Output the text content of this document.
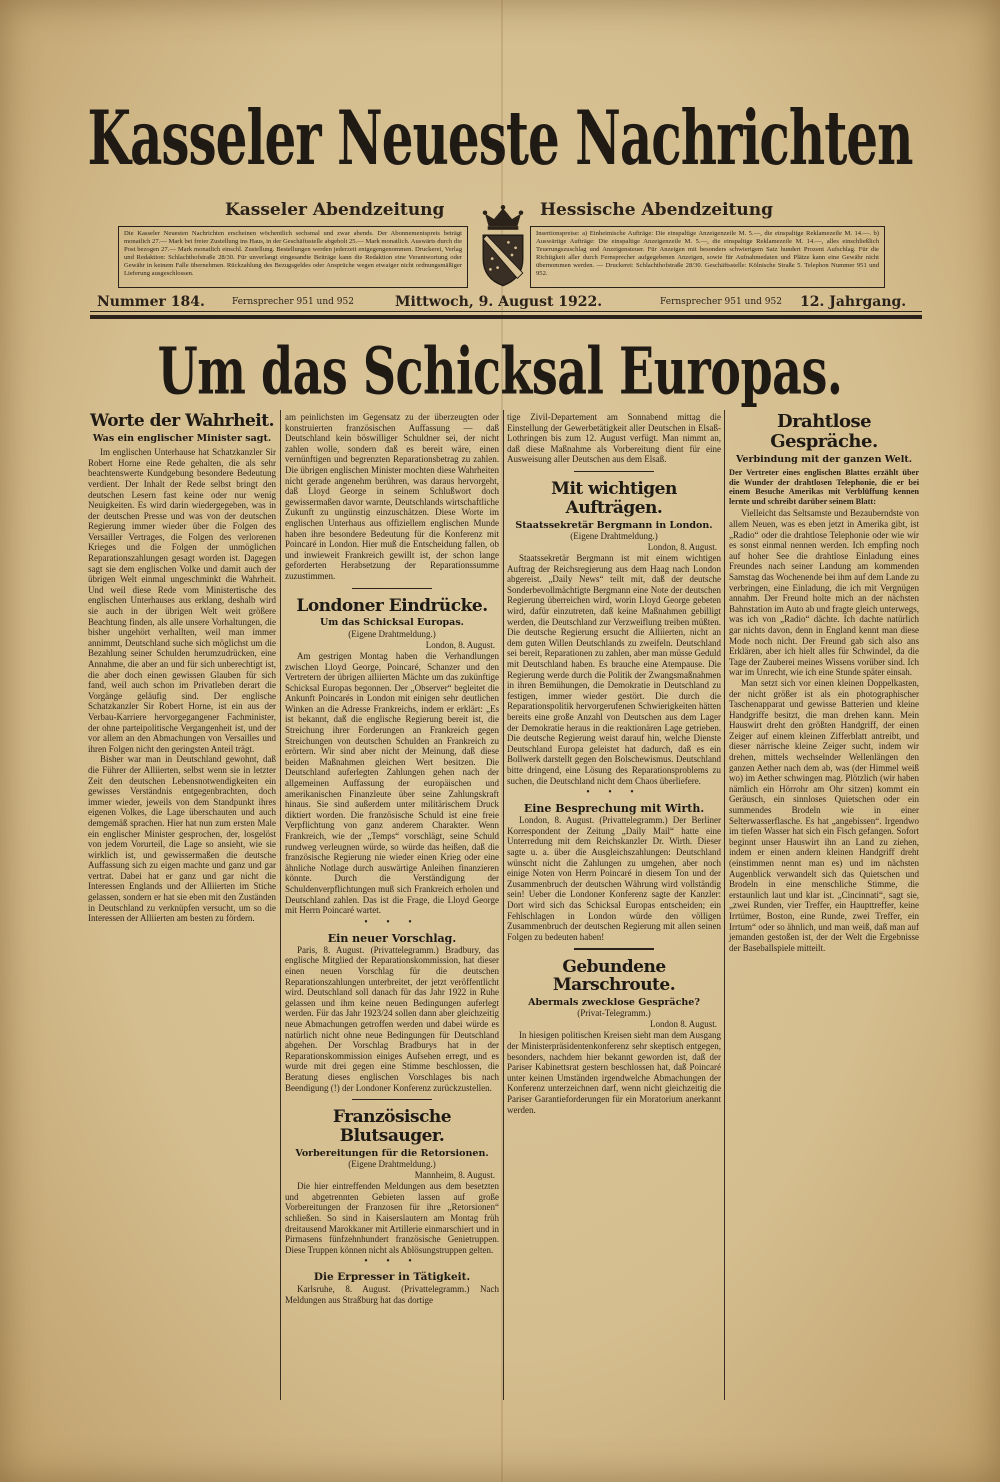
Kasseler Neueste Nachrichten
Kasseler Abendzeitung	Hessische Abendzeitung
Die Kasseler Neuesten Nachrichten erscheinen wöchentlich sechsmal und zwar abends. Der Abonnementspreis beträgt monatlich 27.— Mark bei freier Zustellung ins Haus, in der Geschäftsstelle abgeholt 25.— Mark monatlich. Auswärts durch die Post bezogen 27.— Mark monatlich einschl. Zustellung. Bestellungen werden jederzeit entgegengenommen. Druckerei, Verlag und Redaktion: Schlachthofstraße 28/30. Für unverlangt eingesandte Beiträge kann die Redaktion eine Verantwortung oder Gewähr in keinem Falle übernehmen. Rückzahlung des Bezugsgeldes oder Ansprüche wegen etwaiger nicht ordnungsmäßiger Lieferung ausgeschlossen.
Insertionspreise: a) Einheimische Aufträge: Die einspaltige Anzeigenzeile M. 5.—, die einspaltige Reklamezeile M. 14.—. b) Auswärtige Aufträge: Die einspaltige Anzeigenzeile M. 5.—, die einspaltige Reklamezeile M. 14.—, alles einschließlich Teuerungszuschlag und Anzeigensteuer. Für Anzeigen mit besonders schwierigem Satz hundert Prozent Aufschlag. Für die Richtigkeit aller durch Fernsprecher aufgegebenen Anzeigen, sowie für Aufnahmedaten und Plätze kann eine Gewähr nicht übernommen werden. — Druckerei: Schlachthofstraße 28/30. Geschäftsstelle: Kölnische Straße 5. Telephon Nummer 951 und 952.
Nummer 184.	Fernsprecher 951 und 952	Mittwoch, 9. August 1922.	Fernsprecher 951 und 952 12. Jahrgang.
Um das Schicksal Europas.
Worte der Wahrheit.
Was ein englischer Minister sagt.

Im englischen Unterhause hat Schatzkanzler Sir Robert Horne eine Rede gehalten, die als sehr beachtenswerte Kundgebung besondere Bedeutung verdient. Der Inhalt der Rede selbst bringt den deutschen Lesern fast keine oder nur wenig Neuigkeiten. Es wird darin wiedergegeben, was in der deutschen Presse und was von der deutschen Regierung immer wieder über die Folgen des Versailler Vertrages, die Folgen des verlorenen Krieges und die Folgen der unmöglichen Reparationszahlungen gesagt worden ist. Dagegen sagt sie dem englischen Volke und damit auch der übrigen Welt einmal ungeschminkt die Wahrheit. Und weil diese Rede vom Ministertische des englischen Unterhauses aus erklang, deshalb wird sie auch in der übrigen Welt weit größere Beachtung finden, als alle unsere Vorhaltungen, die bisher ungehört verhallten, weil man immer annimmt, Deutschland suche sich möglichst um die Bezahlung seiner Schulden herumzudrücken, eine Annahme, die aber an und für sich unberechtigt ist, die aber doch einen gewissen Glauben für sich fand, weil auch schon im Privatleben derart die Vorgänge geläufig sind. Der englische Schatzkanzler Sir Robert Horne, ist ein aus der Verbau-Karriere hervorgegangener Fachminister, der ohne parteipolitische Vergangenheit ist, und der vor allem an den Abmachungen von Versailles und ihren Folgen nicht den geringsten Anteil trägt.

Bisher war man in Deutschland gewohnt, daß die Führer der Alliierten, selbst wenn sie in letzter Zeit den deutschen Lebensnotwendigkeiten ein gewisses Verständnis entgegenbrachten, doch immer wieder, jeweils von dem Standpunkt ihres eigenen Volkes, die Lage überschauten und auch demgemäß sprachen. Hier hat nun zum ersten Male ein englischer Minister gesprochen, der, losgelöst von jedem Vorurteil, die Lage so ansieht, wie sie wirklich ist, und gewissermaßen die deutsche Auffassung sich zu eigen machte und ganz und gar vertrat. Dabei hat er ganz und gar nicht die Interessen Englands und der Alliierten im Stiche gelassen, sondern er hat sie eben mit den Zuständen in Deutschland zu verknüpfen versucht, um so die Interessen der Alliierten am besten zu fördern.

am peinlichsten im Gegensatz zu der überzeugten oder konstruierten französischen Auffassung — daß Deutschland kein böswilliger Schuldner sei, der nicht zahlen wolle, sondern daß es bereit wäre, einen vernünftigen und begrenzten Reparationsbetrag zu zahlen. Die übrigen englischen Minister mochten diese Wahrheiten nicht gerade angenehm berühren, was daraus hervorgeht, daß Lloyd George in seinem Schlußwort doch gewissermaßen davor warnte, Deutschlands wirtschaftliche Zukunft zu ungünstig einzuschätzen. Diese Worte im englischen Unterhaus aus offiziellem englischen Munde haben ihre besondere Bedeutung für die Konferenz mit Poincaré in London. Hier muß die Entscheidung fallen, ob und inwieweit Frankreich gewillt ist, der schon lange geforderten Herabsetzung der Reparationssumme zuzustimmen.

Londoner Eindrücke.
Um das Schicksal Europas.
(Eigene Drahtmeldung.)
London, 8. August.

Am gestrigen Montag haben die Verhandlungen zwischen Lloyd George, Poincaré, Schanzer und den Vertretern der übrigen alliierten Mächte um das zukünftige Schicksal Europas begonnen. Der „Observer“ begleitet die Ankunft Poincarés in London mit einigen sehr deutlichen Winken an die Adresse Frankreichs, indem er erklärt: „Es ist bekannt, daß die englische Regierung bereit ist, die Streichung ihrer Forderungen an Frankreich gegen Streichungen von deutschen Schulden an Frankreich zu erörtern. Wir sind aber nicht der Meinung, daß diese beiden Maßnahmen gleichen Wert besitzen. Die Deutschland auferlegten Zahlungen gehen nach der allgemeinen Auffassung der europäischen und amerikanischen Finanzleute über seine Zahlungskraft hinaus. Sie sind außerdem unter militärischem Druck diktiert worden. Die französische Schuld ist eine freie Verpflichtung von ganz anderem Charakter. Wenn Frankreich, wie der „Temps“ vorschlägt, seine Schuld rundweg verleugnen würde, so würde das heißen, daß die französische Regierung nie wieder einen Krieg oder eine ähnliche Notlage durch auswärtige Anleihen finanzieren könnte. Durch die Verständigung der Schuldenverpflichtungen muß sich Frankreich erholen und Deutschland zahlen. Das ist die Frage, die Lloyd George mit Herrn Poincaré wartet.

• • •
Ein neuer Vorschlag.

Paris, 8. August. (Privattelegramm.) Bradbury, das englische Mitglied der Reparationskommission, hat dieser einen neuen Vorschlag für die deutschen Reparationszahlungen unterbreitet, der jetzt veröffentlicht wird. Deutschland soll danach für das Jahr 1922 in Ruhe gelassen und ihm keine neuen Bedingungen auferlegt werden. Für das Jahr 1923/24 sollen dann aber gleichzeitig neue Abmachungen getroffen werden und dabei würde es natürlich nicht ohne neue Bedingungen für Deutschland abgehen. Der Vorschlag Bradburys hat in der Reparationskommission einiges Aufsehen erregt, und es wurde mit drei gegen eine Stimme beschlossen, die Beratung dieses englischen Vorschlages bis nach Beendigung (!) der Londoner Konferenz zurückzustellen.

Französische Blutsauger.
Vorbereitungen für die Retorsionen.
(Eigene Drahtmeldung.)
Mannheim, 8. August.

Die hier eintreffenden Meldungen aus dem besetzten und abgetrennten Gebieten lassen auf große Vorbereitungen der Franzosen für ihre „Retorsionen“ schließen. So sind in Kaiserslautern am Montag früh dreitausend Marokkaner mit Artillerie einmarschiert und in Pirmasens fünfzehnhundert französische Genietruppen. Diese Truppen können nicht als Ablösungstruppen gelten.

• • •
Die Erpresser in Tätigkeit.

Karlsruhe, 8. August. (Privattelegramm.) Nach Meldungen aus Straßburg hat das dortige

tige Zivil-Departement am Sonnabend mittag die Einstellung der Gewerbetätigkeit aller Deutschen in Elsaß-Lothringen bis zum 12. August verfügt. Man nimmt an, daß diese Maßnahme als Vorbereitung dient für eine Ausweisung aller Deutschen aus dem Elsaß.

Mit wichtigen Aufträgen.
Staatssekretär Bergmann in London.
(Eigene Drahtmeldung.)
London, 8. August.

Staatssekretär Bergmann ist mit einem wichtigen Auftrag der Reichsregierung aus dem Haag nach London abgereist. „Daily News“ teilt mit, daß der deutsche Sonderbevollmächtigte Bergmann eine Note der deutschen Regierung überreichen wird, worin Lloyd George gebeten wird, dafür einzutreten, daß keine Maßnahmen gebilligt werden, die Deutschland zur Verzweiflung treiben müßten. Die deutsche Regierung ersucht die Alliierten, nicht an dem guten Willen Deutschlands zu zweifeln. Deutschland sei bereit, Reparationen zu zahlen, aber man müsse Geduld mit Deutschland haben. Es brauche eine Atempause. Die Regierung werde durch die Politik der Zwangsmaßnahmen in ihren Bemühungen, die Demokratie in Deutschland zu festigen, immer wieder gestört. Die durch die Reparationspolitik hervorgerufenen Schwierigkeiten hätten bereits eine große Anzahl von Deutschen aus dem Lager der Demokratie heraus in die reaktionären Lage getrieben. Die deutsche Regierung weist darauf hin, welche Dienste Deutschland Europa geleistet hat dadurch, daß es ein Bollwerk darstellt gegen den Bolschewismus. Deutschland bitte dringend, eine Lösung des Reparationsproblems zu suchen, die Deutschland nicht dem Chaos überliefere.

• • •
Eine Besprechung mit Wirth.

London, 8. August. (Privattelegramm.) Der Berliner Korrespondent der Zeitung „Daily Mail“ hatte eine Unterredung mit dem Reichskanzler Dr. Wirth. Dieser sagte u. a. über die Ausgleichszahlungen: Deutschland wünscht nicht die Zahlungen zu umgehen, aber noch einige Noten von Herrn Poincaré in diesem Ton und der Zusammenbruch der deutschen Währung wird vollständig sein! Ueber die Londoner Konferenz sagte der Kanzler: Dort wird sich das Schicksal Europas entscheiden; ein Fehlschlagen in London würde den völligen Zusammenbruch der deutschen Regierung mit allen seinen Folgen zu bedeuten haben!

Gebundene Marschroute.
Abermals zwecklose Gespräche?
(Privat-Telegramm.)
London 8. August.

In hiesigen politischen Kreisen sieht man dem Ausgang der Ministerpräsidentenkonferenz sehr skeptisch entgegen, besonders, nachdem hier bekannt geworden ist, daß der Pariser Kabinettsrat gestern beschlossen hat, daß Poincaré unter keinen Umständen irgendwelche Abmachungen der Konferenz unterzeichnen darf, wenn nicht gleichzeitig die Pariser Garantieforderungen für ein Moratorium anerkannt werden.

Drahtlose Gespräche.
Verbindung mit der ganzen Welt.
Der Vertreter eines englischen Blattes erzählt über die Wunder der drahtlosen Telephonie, die er bei einem Besuche Amerikas mit Verblüffung kennen lernte und schreibt darüber seinem Blatt:

Vielleicht das Seltsamste und Bezauberndste von allem Neuen, was es eben jetzt in Amerika gibt, ist „Radio“ oder die drahtlose Telephonie oder wie wir es sonst einmal nennen werden. Ich empfing noch auf hoher See die drahtlose Einladung eines Freundes nach seiner Landung am kommenden Samstag das Wochenende bei ihm auf dem Lande zu verbringen, eine Einladung, die ich mit Vergnügen annahm. Der Freund holte mich an der nächsten Bahnstation im Auto ab und fragte gleich unterwegs, was ich von „Radio“ dächte. Ich dachte natürlich gar nichts davon, denn in England kennt man diese Mode noch nicht. Der Freund gab sich also ans Erklären, aber ich hielt alles für Schwindel, da die Tage der Zauberei meines Wissens vorüber sind. Ich war im Unrecht, wie ich eine Stunde später einsah.

Man setzt sich vor einen kleinen Doppelkasten, der nicht größer ist als ein photographischer Taschenapparat und gewisse Batterien und kleine Handgriffe besitzt, die man drehen kann. Mein Hauswirt dreht den größten Handgriff, der einen Zeiger auf einem kleinen Zifferblatt antreibt, und dieser närrische kleine Zeiger sucht, indem wir drehen, mittels wechselnder Wellenlängen den ganzen Aether nach dem ab, was (der Himmel weiß wo) im Aether schwingen mag. Plötzlich (wir haben nämlich ein Hörrohr am Ohr sitzen) kommt ein Geräusch, ein sinnloses Quietschen oder ein summendes Brodeln wie in einer Selterwasserflasche. Es hat „angebissen“. Irgendwo im tiefen Wasser hat sich ein Fisch gefangen. Sofort beginnt unser Hauswirt ihn an Land zu ziehen, indem er einen andern kleinen Handgriff dreht (einstimmen nennt man es) und im nächsten Augenblick verwandelt sich das Quietschen und Brodeln in eine menschliche Stimme, die erstaunlich laut und klar ist. „Cincinnati“, sagt sie, „zwei Runden, vier Treffer, ein Haupttreffer, keine Irrtümer, Boston, eine Runde, zwei Treffer, ein Irrtum“ oder so ähnlich, und man weiß, daß man auf jemanden gestoßen ist, der der Welt die Ergebnisse der Baseballspiele mitteilt.
